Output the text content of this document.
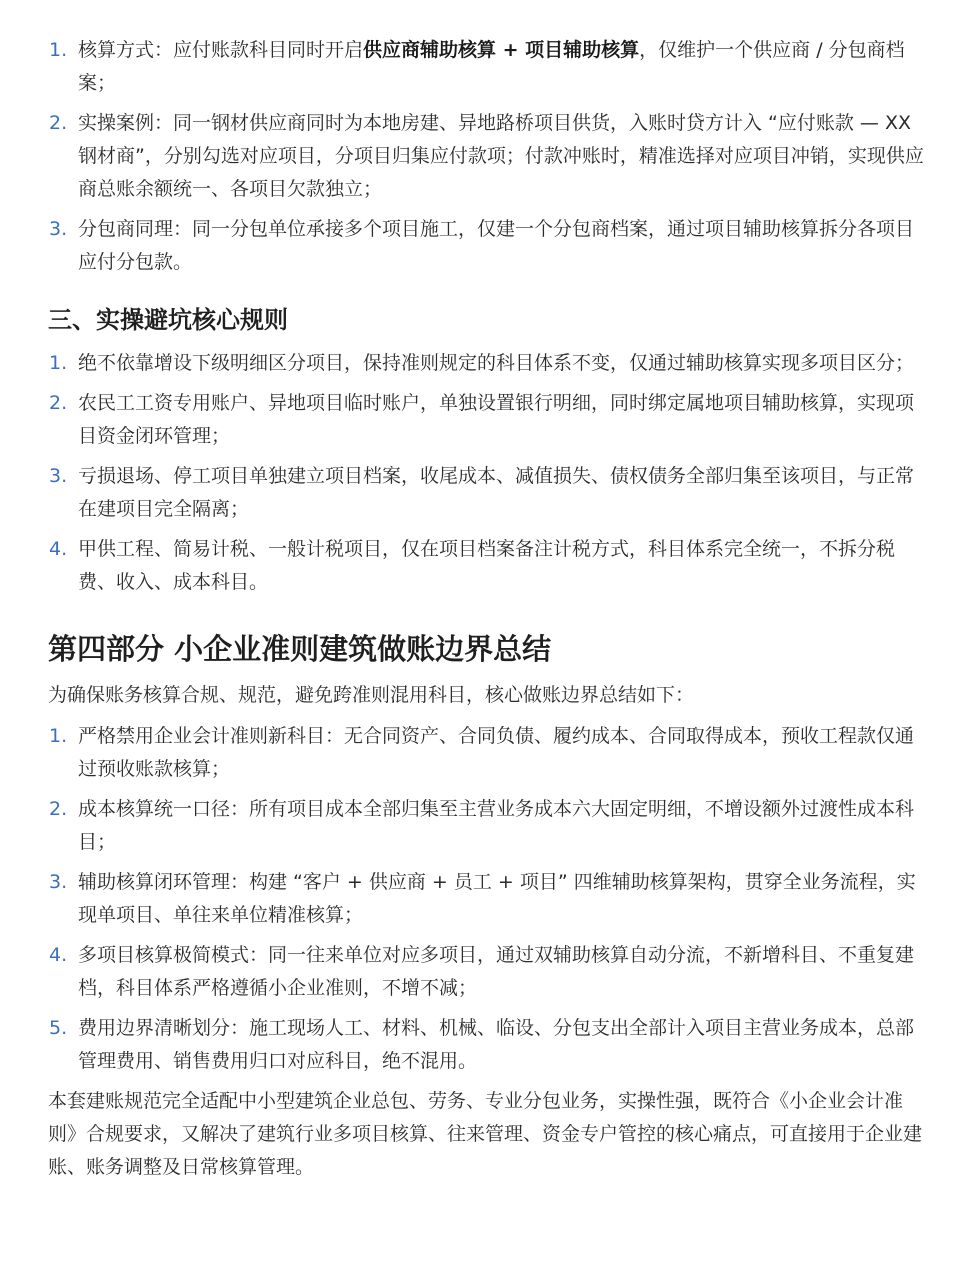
1. 核算方式：应付账款科目同时开启供应商辅助核算 + 项目辅助核算，仅维护一个供应商 / 分包商档案；
2. 实操案例：同一钢材供应商同时为本地房建、异地路桥项目供货，入账时贷方计入 “应付账款 — XX 钢材商”，分别勾选对应项目，分项目归集应付款项；付款冲账时，精准选择对应项目冲销，实现供应商总账余额统一、各项目欠款独立；
3. 分包商同理：同一分包单位承接多个项目施工，仅建一个分包商档案，通过项目辅助核算拆分各项目应付分包款。
三、实操避坑核心规则
1. 绝不依靠增设下级明细区分项目，保持准则规定的科目体系不变，仅通过辅助核算实现多项目区分；
2. 农民工工资专用账户、异地项目临时账户，单独设置银行明细，同时绑定属地项目辅助核算，实现项目资金闭环管理；
3. 亏损退场、停工项目单独建立项目档案，收尾成本、减值损失、债权债务全部归集至该项目，与正常在建项目完全隔离；
4. 甲供工程、简易计税、一般计税项目，仅在项目档案备注计税方式，科目体系完全统一，不拆分税费、收入、成本科目。
第四部分 小企业准则建筑做账边界总结

为确保账务核算合规、规范，避免跨准则混用科目，核心做账边界总结如下：

1. 严格禁用企业会计准则新科目：无合同资产、合同负债、履约成本、合同取得成本，预收工程款仅通过预收账款核算；
2. 成本核算统一口径：所有项目成本全部归集至主营业务成本六大固定明细，不增设额外过渡性成本科目；
3. 辅助核算闭环管理：构建 “客户 + 供应商 + 员工 + 项目” 四维辅助核算架构，贯穿全业务流程，实现单项目、单往来单位精准核算；
4. 多项目核算极简模式：同一往来单位对应多项目，通过双辅助核算自动分流，不新增科目、不重复建档，科目体系严格遵循小企业准则，不增不减；
5. 费用边界清晰划分：施工现场人工、材料、机械、临设、分包支出全部计入项目主营业务成本，总部管理费用、销售费用归口对应科目，绝不混用。

本套建账规范完全适配中小型建筑企业总包、劳务、专业分包业务，实操性强，既符合《小企业会计准则》合规要求，又解决了建筑行业多项目核算、往来管理、资金专户管控的核心痛点，可直接用于企业建账、账务调整及日常核算管理。
